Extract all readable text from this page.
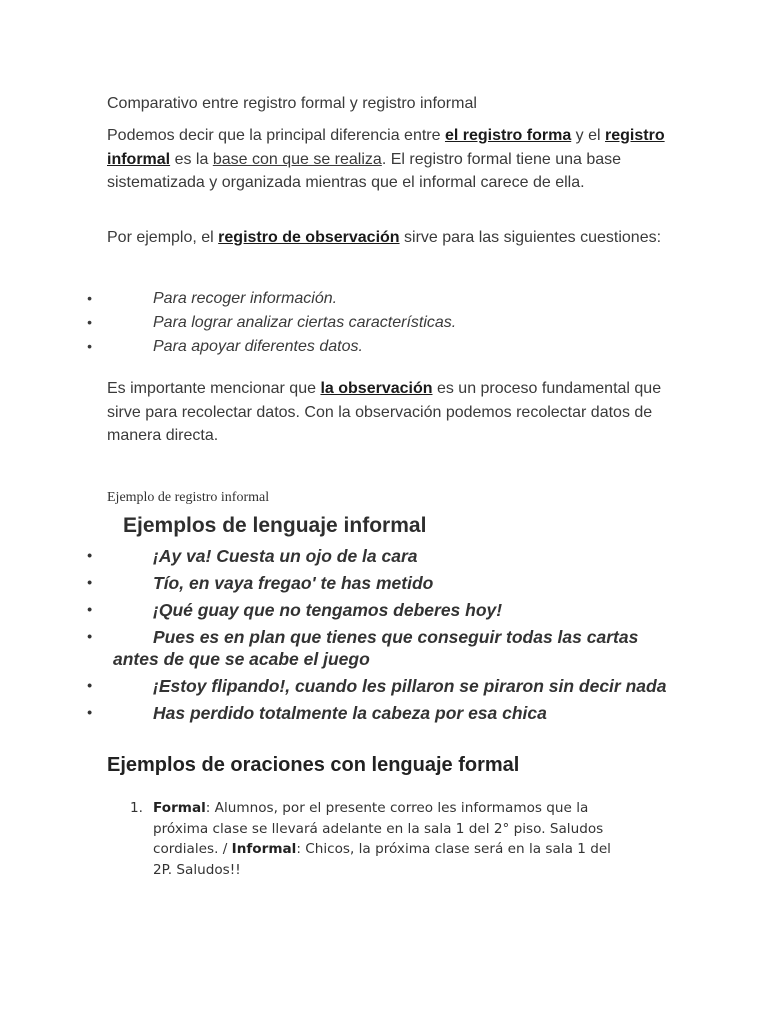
Comparativo entre registro formal y registro informal
Podemos decir que la principal diferencia entre el registro forma y el registro informal es la base con que se realiza. El registro formal tiene una base sistematizada y organizada mientras que el informal carece de ella.
Por ejemplo, el registro de observación sirve para las siguientes cuestiones:
•	Para recoger información.
•	Para lograr analizar ciertas características.
•	Para apoyar diferentes datos.
Es importante mencionar que la observación es un proceso fundamental que sirve para recolectar datos. Con la observación podemos recolectar datos de manera directa.
Ejemplo de registro informal
Ejemplos de lenguaje informal
•	¡Ay va! Cuesta un ojo de la cara
•	Tío, en vaya fregao' te has metido
•	¡Qué guay que no tengamos deberes hoy!
•	Pues es en plan que tienes que conseguir todas las cartas
antes de que se acabe el juego
•	¡Estoy flipando!, cuando les pillaron se piraron sin decir nada
•	Has perdido totalmente la cabeza por esa chica
Ejemplos de oraciones con lenguaje formal
1. Formal: Alumnos, por el presente correo les informamos que la próxima clase se llevará adelante en la sala 1 del 2° piso. Saludos cordiales. / Informal: Chicos, la próxima clase será en la sala 1 del 2P. Saludos!!
